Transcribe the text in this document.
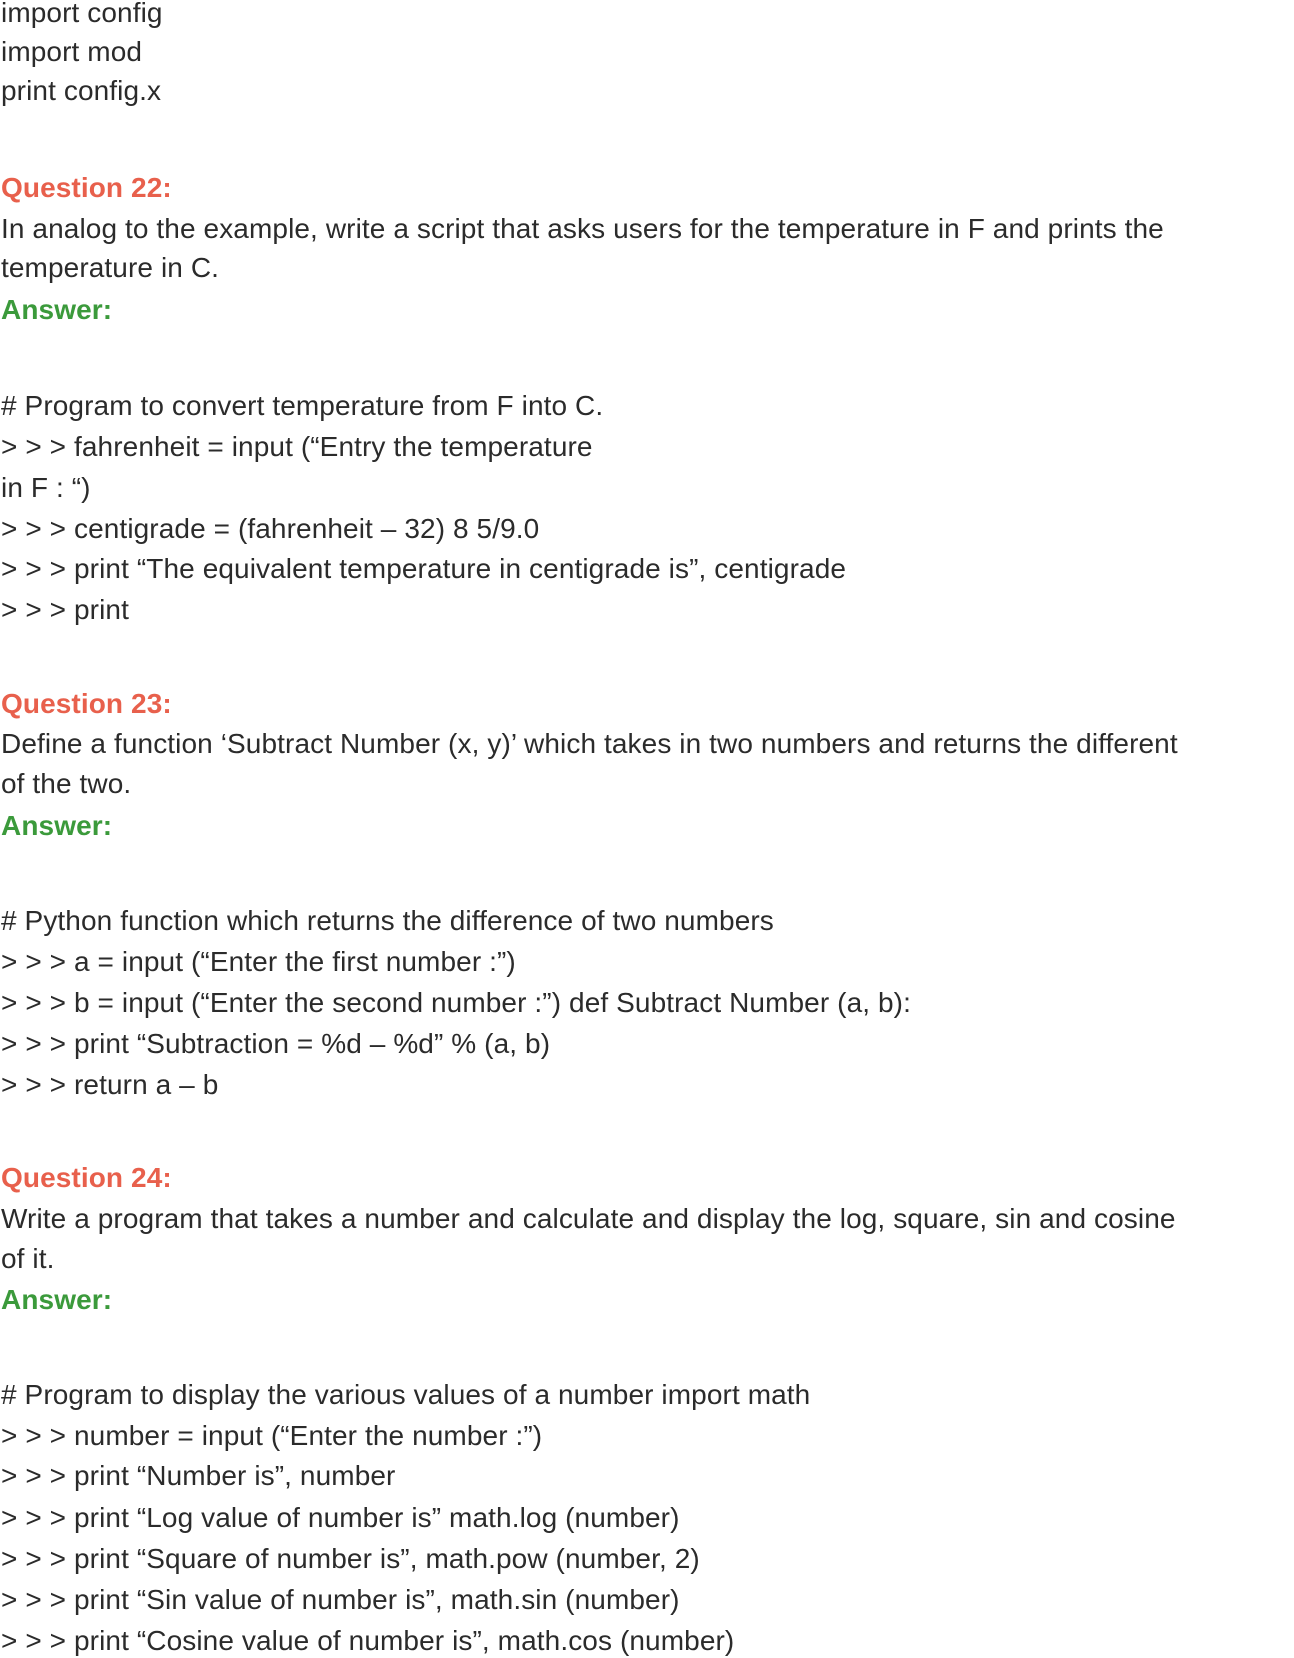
import config
import mod
print config.x
Question 22:
In analog to the example, write a script that asks users for the temperature in F and prints the
temperature in C.
Answer:
# Program to convert temperature from F into C.
> > > fahrenheit = input (“Entry the temperature
in F : “)
> > > centigrade = (fahrenheit – 32) 8 5/9.0
> > > print “The equivalent temperature in centigrade is”, centigrade
> > > print
Question 23:
Define a function ‘Subtract Number (x, y)’ which takes in two numbers and returns the different
of the two.
Answer:
# Python function which returns the difference of two numbers
> > > a = input (“Enter the first number :”)
> > > b = input (“Enter the second number :”) def Subtract Number (a, b):
> > > print “Subtraction = %d – %d” % (a, b)
> > > return a – b
Question 24:
Write a program that takes a number and calculate and display the log, square, sin and cosine
of it.
Answer:
# Program to display the various values of a number import math
> > > number = input (“Enter the number :”)
> > > print “Number is”, number
> > > print “Log value of number is” math.log (number)
> > > print “Square of number is”, math.pow (number, 2)
> > > print “Sin value of number is”, math.sin (number)
> > > print “Cosine value of number is”, math.cos (number)
